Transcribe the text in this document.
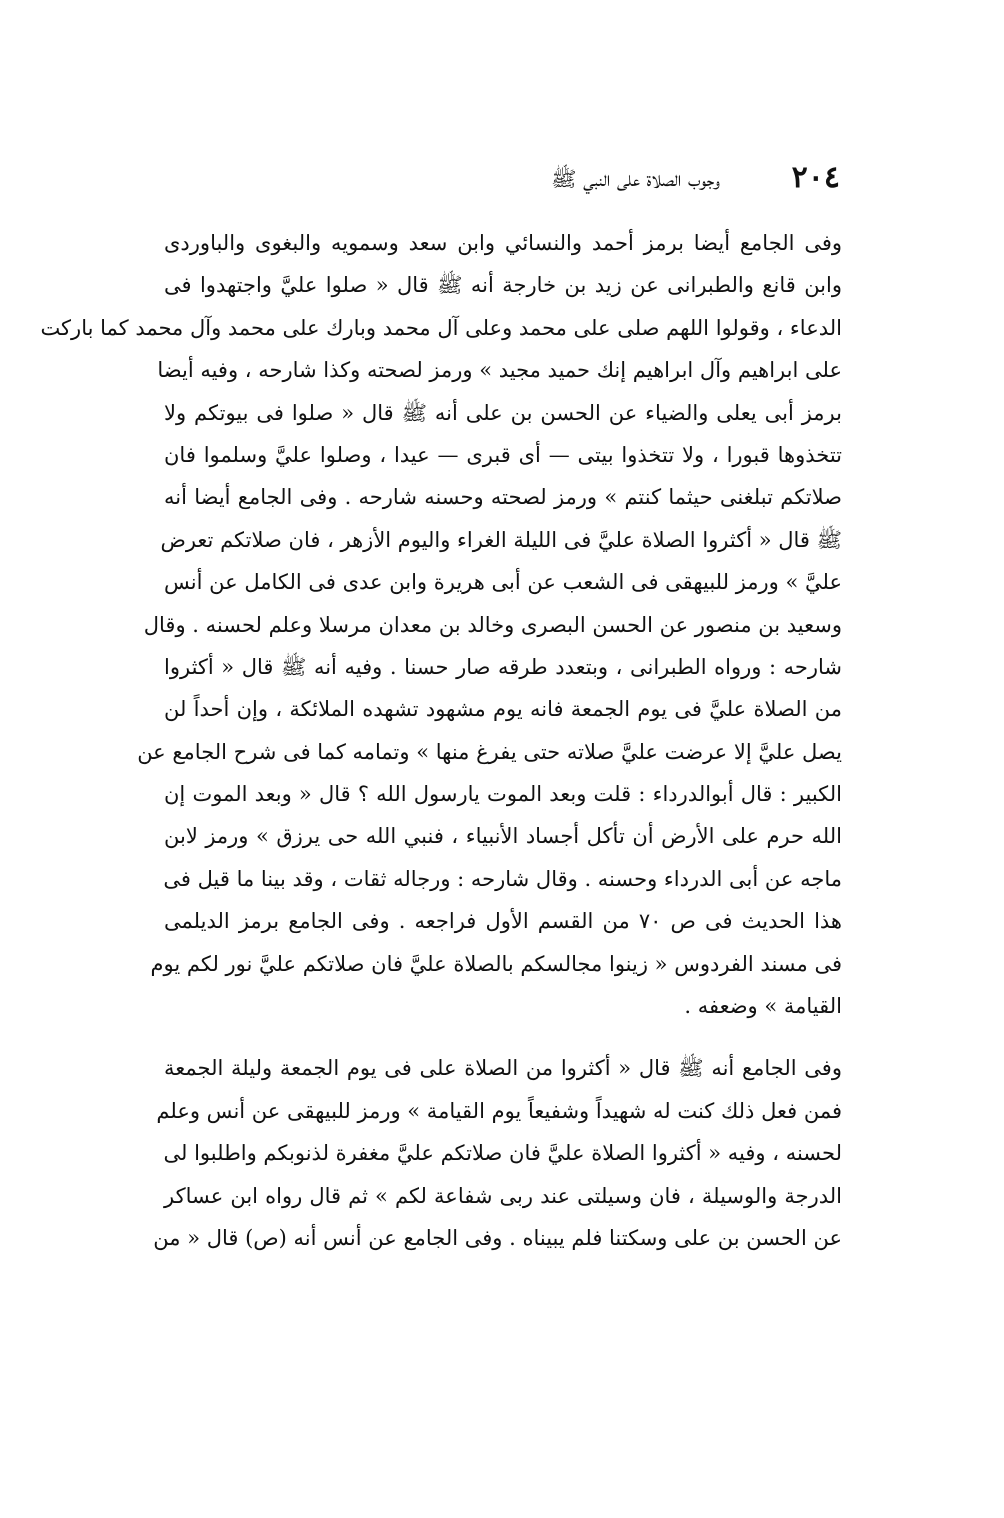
٢٠٤
وجوب الصلاة على النبي ﷺ
وفى الجامع أيضا برمز أحمد والنسائي وابن سعد وسمويه والبغوى والباوردى
وابن قانع والطبرانى عن زيد بن خارجة أنه ﷺ قال « صلوا عليَّ واجتهدوا فى
الدعاء ، وقولوا اللهم صلى على محمد وعلى آل محمد وبارك على محمد وآل محمد كما باركت
على ابراهيم وآل ابراهيم إنك حميد مجيد » ورمز لصحته وكذا شارحه ، وفيه أيضا
برمز أبى يعلى والضياء عن الحسن بن على أنه ﷺ قال « صلوا فى بيوتكم ولا
تتخذوها قبورا ، ولا تتخذوا بيتى — أى قبرى — عيدا ، وصلوا عليَّ وسلموا فان
صلاتكم تبلغنى حيثما كنتم » ورمز لصحته وحسنه شارحه . وفى الجامع أيضا أنه
ﷺ قال « أكثروا الصلاة عليَّ فى الليلة الغراء واليوم الأزهر ، فان صلاتكم تعرض
عليَّ » ورمز للبيهقى فى الشعب عن أبى هريرة وابن عدى فى الكامل عن أنس
وسعيد بن منصور عن الحسن البصرى وخالد بن معدان مرسلا وعلم لحسنه . وقال
شارحه : ورواه الطبرانى ، وبتعدد طرقه صار حسنا . وفيه أنه ﷺ قال « أكثروا
من الصلاة عليَّ فى يوم الجمعة فانه يوم مشهود تشهده الملائكة ، وإن أحداً لن
يصل عليَّ إلا عرضت عليَّ صلاته حتى يفرغ منها » وتمامه كما فى شرح الجامع عن
الكبير : قال أبوالدرداء : قلت وبعد الموت يارسول الله ؟ قال « وبعد الموت إن
الله حرم على الأرض أن تأكل أجساد الأنبياء ، فنبي الله حى يرزق » ورمز لابن
ماجه عن أبى الدرداء وحسنه . وقال شارحه : ورجاله ثقات ، وقد بينا ما قيل فى
هذا الحديث فى ص ٧٠ من القسم الأول فراجعه . وفى الجامع برمز الديلمى
فى مسند الفردوس « زينوا مجالسكم بالصلاة عليَّ فان صلاتكم عليَّ نور لكم يوم
القيامة » وضعفه .
وفى الجامع أنه ﷺ قال « أكثروا من الصلاة على فى يوم الجمعة وليلة الجمعة
فمن فعل ذلك كنت له شهيداً وشفيعاً يوم القيامة » ورمز للبيهقى عن أنس وعلم
لحسنه ، وفيه « أكثروا الصلاة عليَّ فان صلاتكم عليَّ مغفرة لذنوبكم واطلبوا لى
الدرجة والوسيلة ، فان وسيلتى عند ربى شفاعة لكم » ثم قال رواه ابن عساكر
عن الحسن بن على وسكتنا فلم يبيناه . وفى الجامع عن أنس أنه (ص) قال « من
